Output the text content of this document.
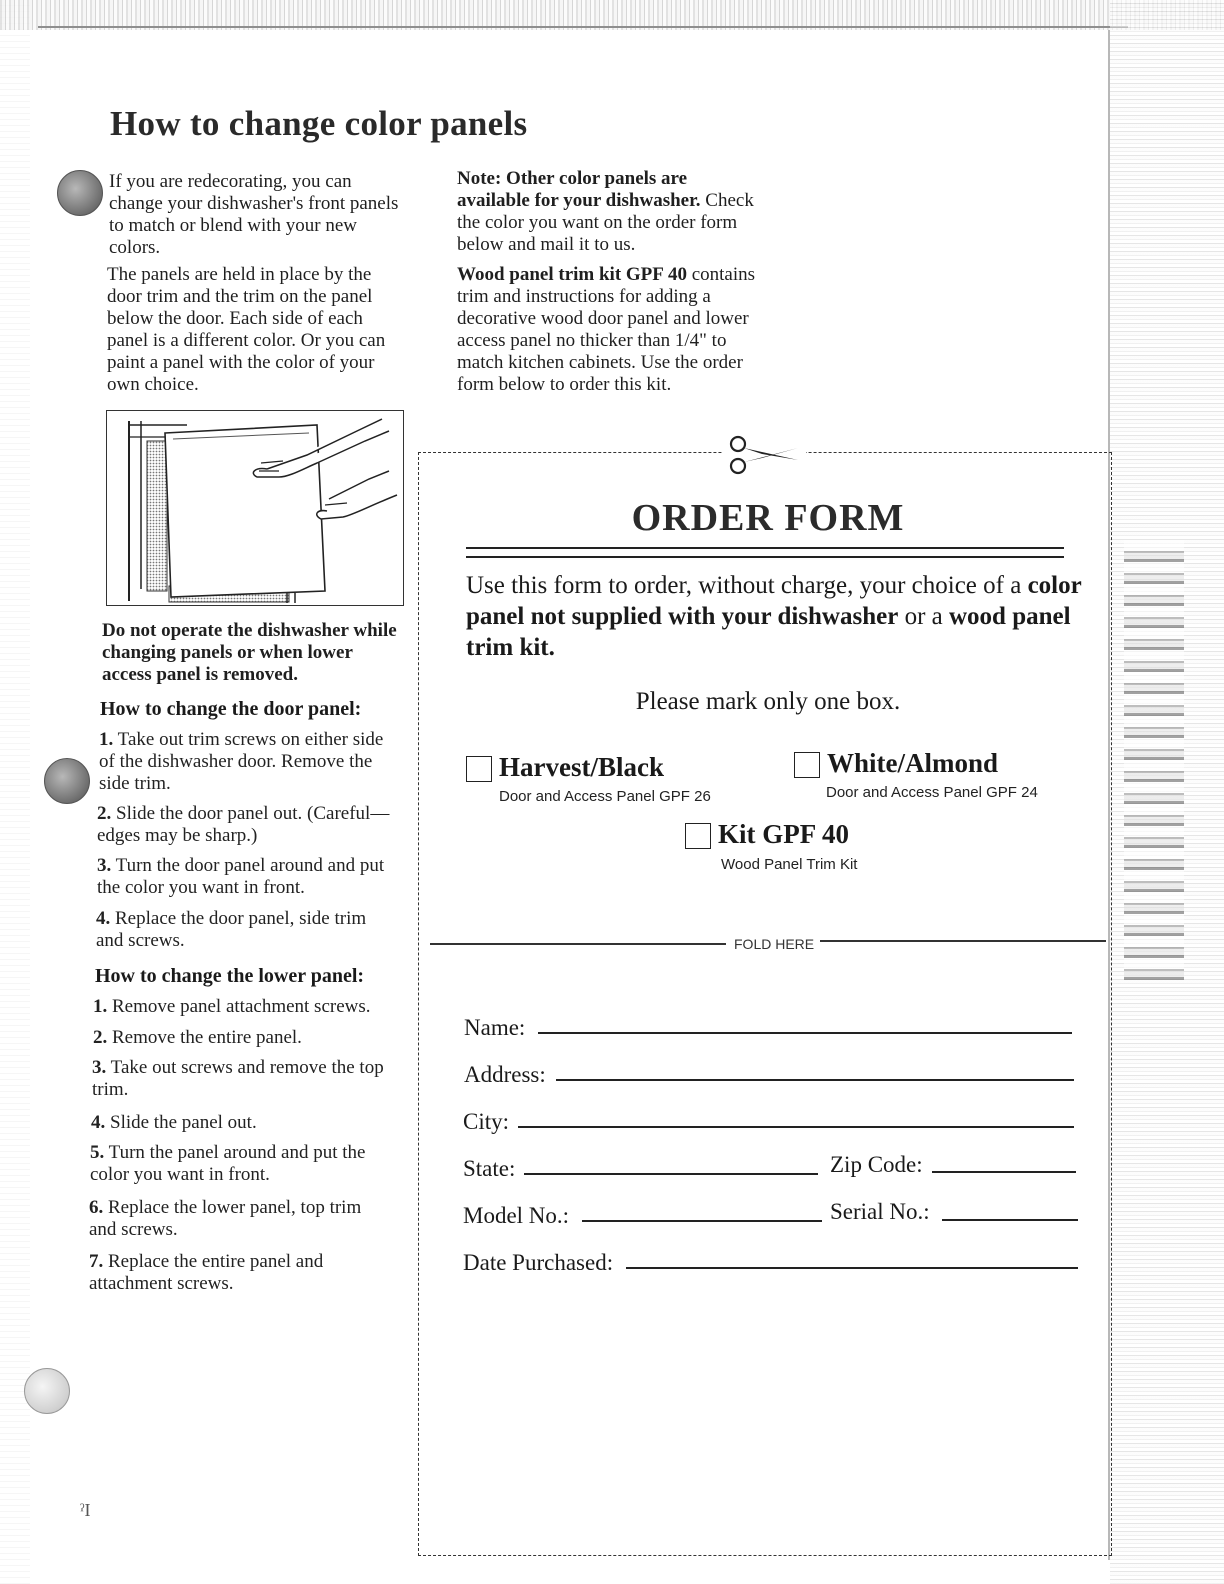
How to change color panels
If you are redecorating, you can change your dishwasher's front panels to match or blend with your new colors.
The panels are held in place by the door trim and the trim on the panel below the door. Each side of each panel is a different color. Or you can paint a panel with the color of your own choice.
Do not operate the dishwasher while changing panels or when lower access panel is removed.
How to change the door panel:
1. Take out trim screws on either side of the dishwasher door. Remove the side trim.
2. Slide the door panel out. (Careful—edges may be sharp.)
3. Turn the door panel around and put the color you want in front.
4. Replace the door panel, side trim and screws.
How to change the lower panel:
1. Remove panel attachment screws.
2. Remove the entire panel.
3. Take out screws and remove the top trim.
4. Slide the panel out.
5. Turn the panel around and put the color you want in front.
6. Replace the lower panel, top trim and screws.
7. Replace the entire panel and attachment screws.
Note: Other color panels are available for your dishwasher. Check the color you want on the order form below and mail it to us.
Wood panel trim kit GPF 40 contains trim and instructions for adding a decorative wood door panel and lower access panel no thicker than 1/4" to match kitchen cabinets. Use the order form below to order this kit.
ORDER FORM
Use this form to order, without charge, your choice of a color panel not supplied with your dishwasher or a wood panel trim kit.
Please mark only one box.
Harvest/Black
Door and Access Panel GPF 26
White/Almond
Door and Access Panel GPF 24
Kit GPF 40
Wood Panel Trim Kit
FOLD HERE
Name:
Address:
City:
State:	Zip Code:
Model No.:	Serial No.:
Date Purchased:
ˀI
